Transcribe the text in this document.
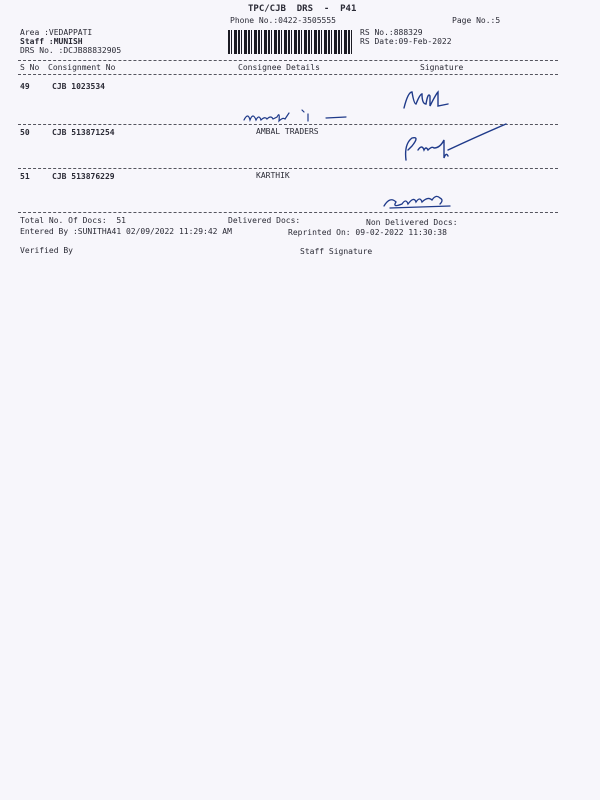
TPC/CJB  DRS  -  P41
Phone No.:0422-3505555	Page No.:5
Area :VEDAPPATI
Staff :MUNISH
DRS No. :DCJB88832905
RS No.:888329
RS Date:09-Feb-2022
S No Consignment No	Consignee Details	Signature
49	CJB 1023534
50	CJB 513871254	AMBAL TRADERS
51	CJB 513876229	KARTHIK
Total No. Of Docs:  51	Delivered Docs:	Non Delivered Docs:
Entered By :SUNITHA41 02/09/2022 11:29:42 AM	Reprinted On: 09-02-2022 11:30:38
Verified By	Staff Signature
